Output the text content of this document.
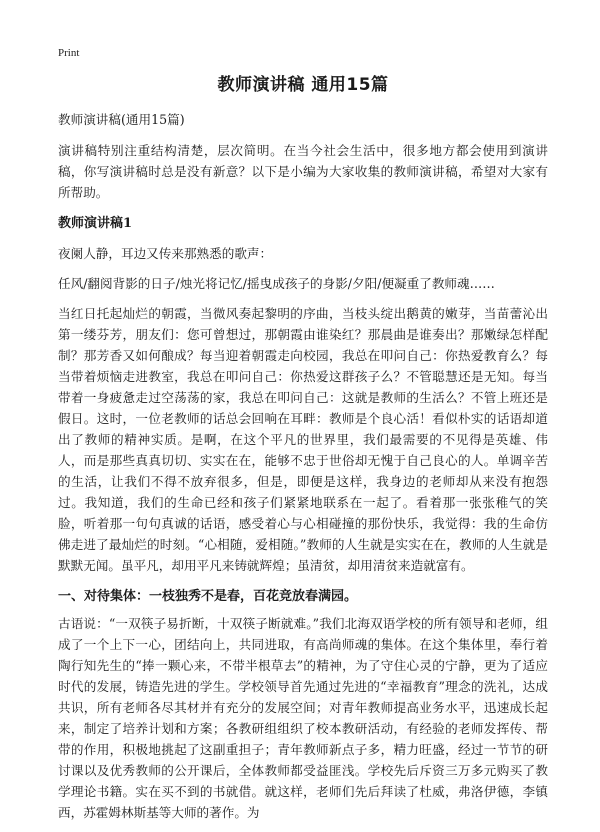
Print
教师演讲稿 通用15篇

教师演讲稿(通用15篇)

演讲稿特别注重结构清楚，层次简明。在当今社会生活中，很多地方都会使用到演讲稿，你写演讲稿时总是没有新意？以下是小编为大家收集的教师演讲稿，希望对大家有所帮助。

教师演讲稿1

夜阑人静，耳边又传来那熟悉的歌声：

任风/翻阅背影的日子/烛光将记忆/摇曳成孩子的身影/夕阳/便凝重了教师魂……

当红日托起灿烂的朝霞，当微风奏起黎明的序曲，当枝头绽出鹅黄的嫩芽，当苗蕾沁出第一缕芬芳，朋友们：您可曾想过，那朝霞由谁染红？那晨曲是谁奏出？那嫩绿怎样配制？那芳香又如何酿成？每当迎着朝霞走向校园，我总在叩问自己：你热爱教育么？每当带着烦恼走进教室，我总在叩问自己：你热爱这群孩子么？不管聪慧还是无知。每当带着一身疲惫走过空荡荡的家，我总在叩问自己：这就是教师的生活么？不管上班还是假日。这时，一位老教师的话总会回响在耳畔：教师是个良心活！看似朴实的话语却道出了教师的精神实质。是啊，在这个平凡的世界里，我们最需要的不见得是英雄、伟人，而是那些真真切切、实实在在，能够不忠于世俗却无愧于自己良心的人。单调辛苦的生活，让我们不得不放弃很多，但是，即便是这样，我身边的老师却从来没有抱怨过。我知道，我们的生命已经和孩子们紧紧地联系在一起了。看着那一张张稚气的笑脸，听着那一句句真诚的话语，感受着心与心相碰撞的那份快乐，我觉得：我的生命仿佛走进了最灿烂的时刻。“心相随，爱相随。”教师的人生就是实实在在，教师的人生就是默默无闻。虽平凡，却用平凡来铸就辉煌；虽清贫，却用清贫来造就富有。

一、对待集体：一枝独秀不是春，百花竞放春满园。

古语说：“一双筷子易折断，十双筷子断就难。”我们北海双语学校的所有领导和老师，组成了一个上下一心，团结向上，共同进取，有高尚师魂的集体。在这个集体里，奉行着陶行知先生的“捧一颗心来，不带半根草去”的精神，为了守住心灵的宁静，更为了适应时代的发展，铸造先进的学生。学校领导首先通过先进的“幸福教育”理念的洗礼，达成共识，所有老师各尽其材并有充分的发展空间；对青年教师提高业务水平，迅速成长起来，制定了培养计划和方案；各教研组组织了校本教研活动，有经验的老师发挥传、帮带的作用，积极地挑起了这副重担子；青年教师新点子多，精力旺盛，经过一节节的研讨课以及优秀教师的公开课后，全体教师都受益匪浅。学校先后斥资三万多元购买了教学理论书籍。实在买不到的书就借。就这样，老师们先后拜读了杜威，弗洛伊德，李镇西，苏霍姆林斯基等大师的著作。为
